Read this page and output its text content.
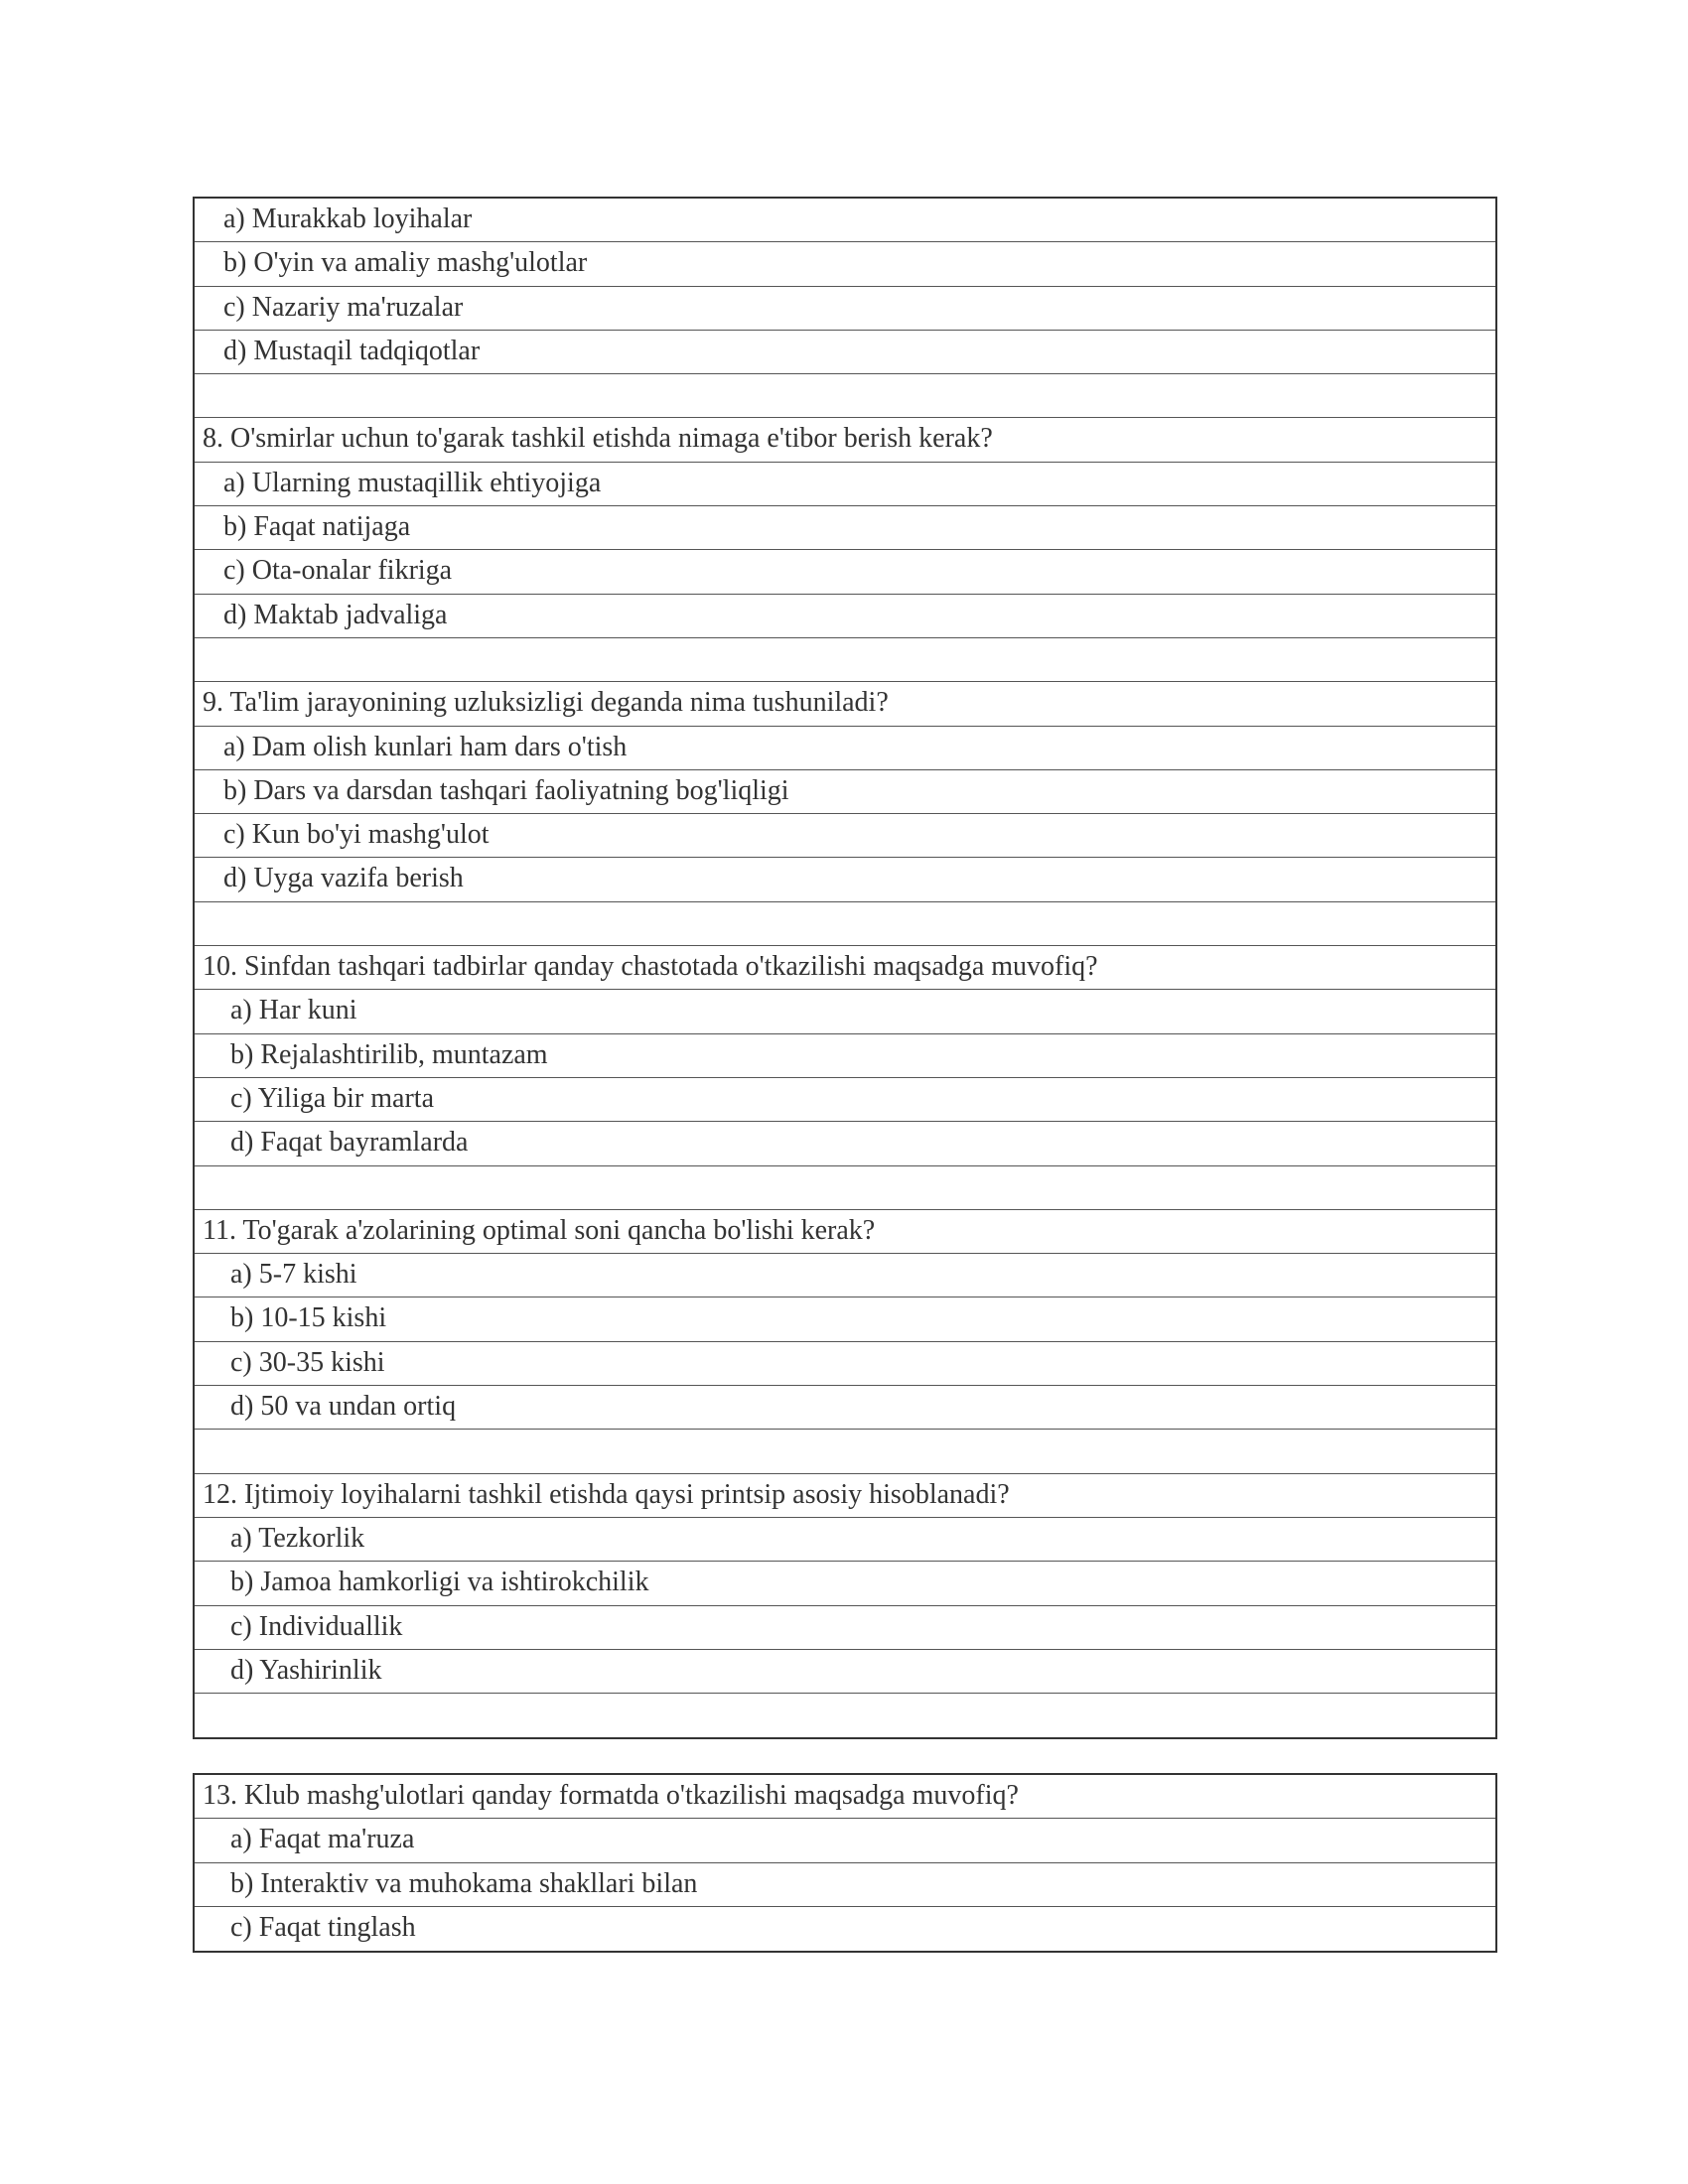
a) Murakkab loyihalar
b) O'yin va amaliy mashg'ulotlar
c) Nazariy ma'ruzalar
d) Mustaqil tadqiqotlar
8. O'smirlar uchun to'garak tashkil etishda nimaga e'tibor berish kerak?
a) Ularning mustaqillik ehtiyojiga
b) Faqat natijaga
c) Ota-onalar fikriga
d) Maktab jadvaliga
9. Ta'lim jarayonining uzluksizligi deganda nima tushuniladi?
a) Dam olish kunlari ham dars o'tish
b) Dars va darsdan tashqari faoliyatning bog'liqligi
c) Kun bo'yi mashg'ulot
d) Uyga vazifa berish
10. Sinfdan tashqari tadbirlar qanday chastotada o'tkazilishi maqsadga muvofiq?
a) Har kuni
b) Rejalashtirilib, muntazam
c) Yiliga bir marta
d) Faqat bayramlarda
11. To'garak a'zolarining optimal soni qancha bo'lishi kerak?
a) 5-7 kishi
b) 10-15 kishi
c) 30-35 kishi
d) 50 va undan ortiq
12. Ijtimoiy loyihalarni tashkil etishda qaysi printsip asosiy hisoblanadi?
a) Tezkorlik
b) Jamoa hamkorligi va ishtirokchilik
c) Individuallik
d) Yashirinlik
13. Klub mashg'ulotlari qanday formatda o'tkazilishi maqsadga muvofiq?
a) Faqat ma'ruza
b) Interaktiv va muhokama shakllari bilan
c) Faqat tinglash
